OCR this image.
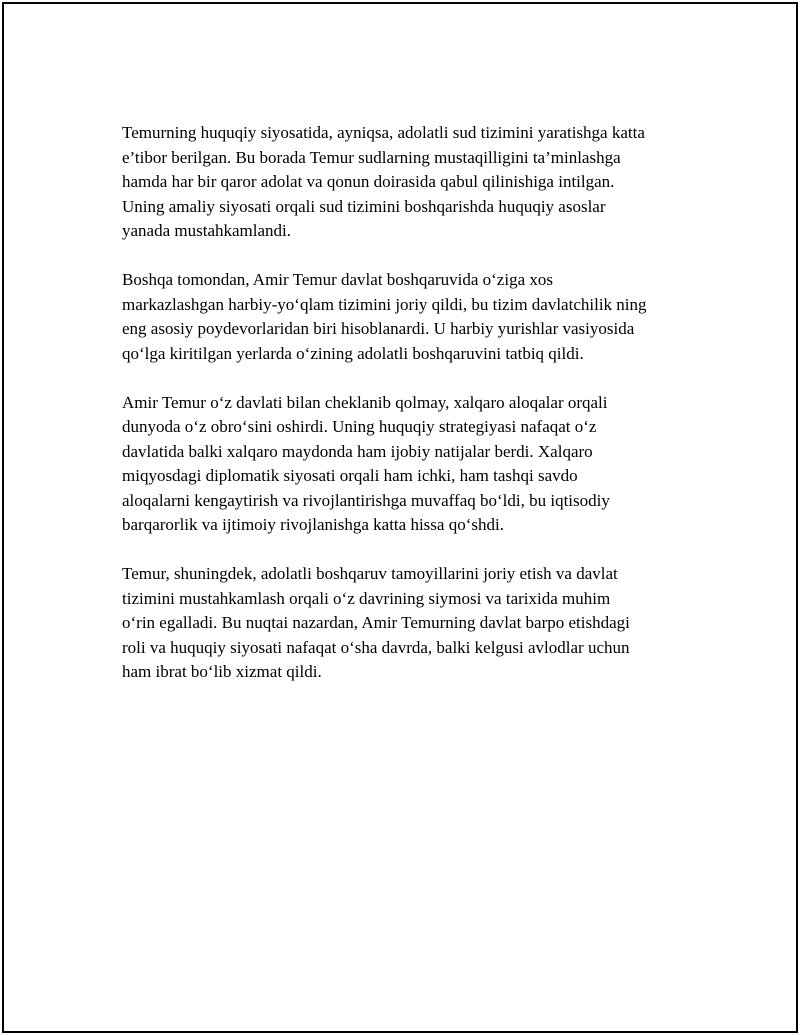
Temurning huquqiy siyosatida, ayniqsa, adolatli sud tizimini yaratishga katta
e’tibor berilgan. Bu borada Temur sudlarning mustaqilligini ta’minlashga
hamda har bir qaror adolat va qonun doirasida qabul qilinishiga intilgan.
Uning amaliy siyosati orqali sud tizimini boshqarishda huquqiy asoslar
yanada mustahkamlandi.

Boshqa tomondan, Amir Temur davlat boshqaruvida o‘ziga xos
markazlashgan harbiy-yo‘qlam tizimini joriy qildi, bu tizim davlatchilik ning
eng asosiy poydevorlaridan biri hisoblanardi. U harbiy yurishlar vasiyosida
qo‘lga kiritilgan yerlarda o‘zining adolatli boshqaruvini tatbiq qildi.

Amir Temur o‘z davlati bilan cheklanib qolmay, xalqaro aloqalar orqali
dunyoda o‘z obro‘sini oshirdi. Uning huquqiy strategiyasi nafaqat o‘z
davlatida balki xalqaro maydonda ham ijobiy natijalar berdi. Xalqaro
miqyosdagi diplomatik siyosati orqali ham ichki, ham tashqi savdo
aloqalarni kengaytirish va rivojlantirishga muvaffaq bo‘ldi, bu iqtisodiy
barqarorlik va ijtimoiy rivojlanishga katta hissa qo‘shdi.

Temur, shuningdek, adolatli boshqaruv tamoyillarini joriy etish va davlat
tizimini mustahkamlash orqali o‘z davrining siymosi va tarixida muhim
o‘rin egalladi. Bu nuqtai nazardan, Amir Temurning davlat barpo etishdagi
roli va huquqiy siyosati nafaqat o‘sha davrda, balki kelgusi avlodlar uchun
ham ibrat bo‘lib xizmat qildi.
